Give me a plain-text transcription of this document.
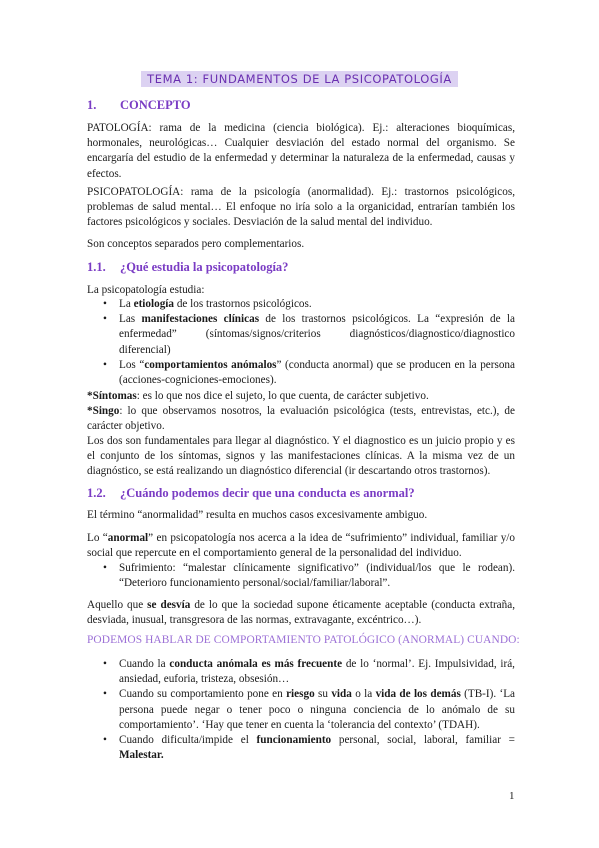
TEMA 1: FUNDAMENTOS DE LA PSICOPATOLOGÍA
1. CONCEPTO

PATOLOGÍA: rama de la medicina (ciencia biológica). Ej.: alteraciones bioquímicas, hormonales, neurológicas… Cualquier desviación del estado normal del organismo. Se encargaría del estudio de la enfermedad y determinar la naturaleza de la enfermedad, causas y efectos.

PSICOPATOLOGÍA: rama de la psicología (anormalidad). Ej.: trastornos psicológicos, problemas de salud mental… El enfoque no iría solo a la organicidad, entrarían también los factores psicológicos y sociales. Desviación de la salud mental del individuo.

Son conceptos separados pero complementarios.

1.1. ¿Qué estudia la psicopatología?

La psicopatología estudia:

• La etiología de los trastornos psicológicos.
• Las manifestaciones clínicas de los trastornos psicológicos. La “expresión de la enfermedad” (síntomas/signos/criterios diagnósticos/diagnostico/diagnostico diferencial)
• Los “comportamientos anómalos” (conducta anormal) que se producen en la persona (acciones-cogniciones-emociones).

*Síntomas: es lo que nos dice el sujeto, lo que cuenta, de carácter subjetivo.

*Singo: lo que observamos nosotros, la evaluación psicológica (tests, entrevistas, etc.), de carácter objetivo.

Los dos son fundamentales para llegar al diagnóstico. Y el diagnostico es un juicio propio y es el conjunto de los síntomas, signos y las manifestaciones clínicas. A la misma vez de un diagnóstico, se está realizando un diagnóstico diferencial (ir descartando otros trastornos).

1.2. ¿Cuándo podemos decir que una conducta es anormal?

El término “anormalidad” resulta en muchos casos excesivamente ambiguo.

Lo “anormal” en psicopatología nos acerca a la idea de “sufrimiento” individual, familiar y/o social que repercute en el comportamiento general de la personalidad del individuo.

• Sufrimiento: “malestar clínicamente significativo” (individual/los que le rodean). “Deterioro funcionamiento personal/social/familiar/laboral”.

Aquello que se desvía de lo que la sociedad supone éticamente aceptable (conducta extraña, desviada, inusual, transgresora de las normas, extravagante, excéntrico…).

PODEMOS HABLAR DE COMPORTAMIENTO PATOLÓGICO (ANORMAL) CUANDO:
• Cuando la conducta anómala es más frecuente de lo ‘normal’. Ej. Impulsividad, irá, ansiedad, euforia, tristeza, obsesión…
• Cuando su comportamiento pone en riesgo su vida o la vida de los demás (TB-I). ‘La persona puede negar o tener poco o ninguna conciencia de lo anómalo de su comportamiento’. ‘Hay que tener en cuenta la ‘tolerancia del contexto’ (TDAH).
• Cuando dificulta/impide el funcionamiento personal, social, laboral, familiar = Malestar.
1
